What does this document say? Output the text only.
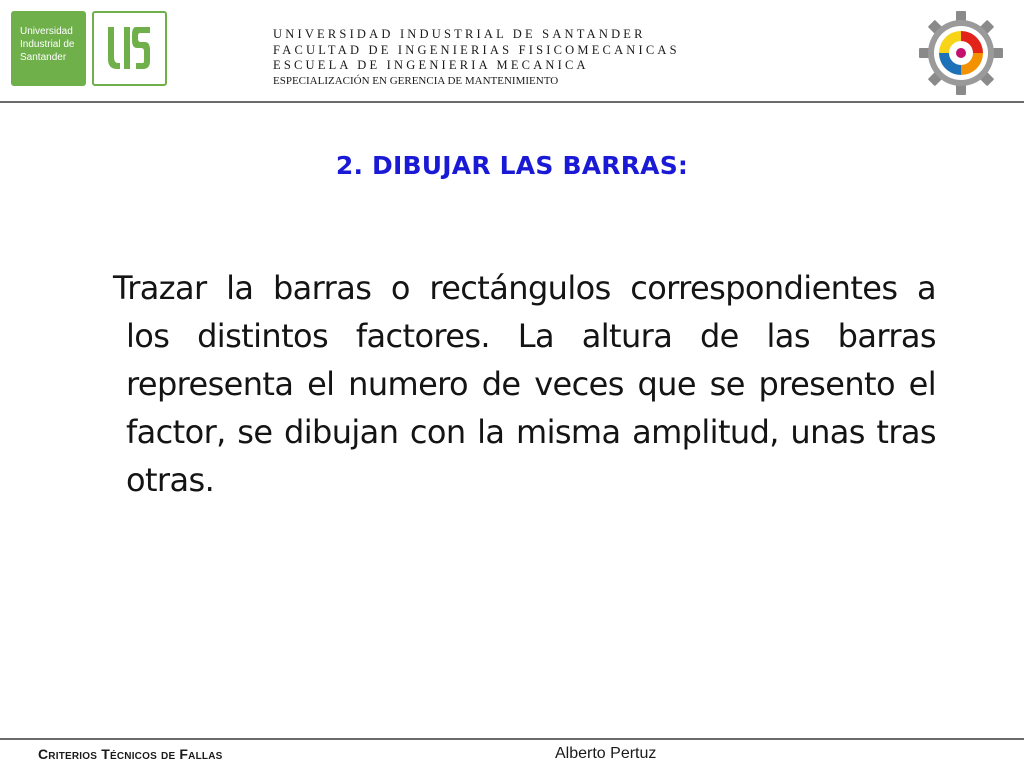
Universidad
Industrial de
Santander
UNIVERSIDAD INDUSTRIAL DE SANTANDER
FACULTAD DE INGENIERIAS FISICOMECANICAS
ESCUELA DE INGENIERIA MECANICA
ESPECIALIZACIÓN EN GERENCIA DE MANTENIMIENTO
2. DIBUJAR LAS BARRAS:
Trazar la barras o rectángulos correspondientes a los distintos factores. La altura de las barras representa el numero de veces que se presento el factor, se dibujan con la misma amplitud, unas tras otras.
Criterios Técnicos de Fallas	Alberto Pertuz
